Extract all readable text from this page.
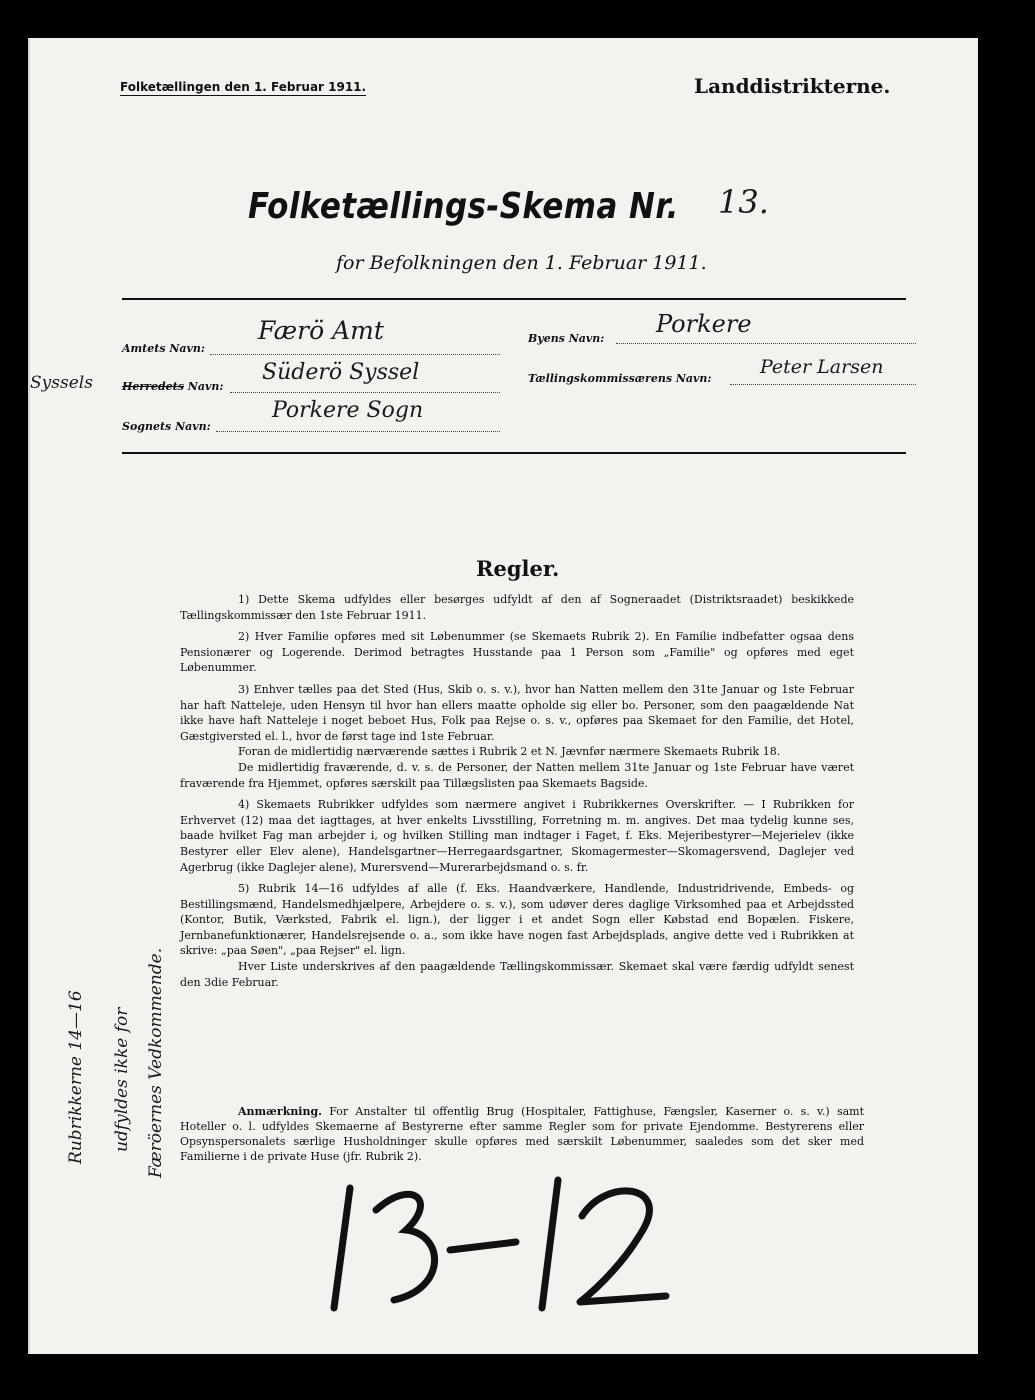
Folketællingen den 1. Februar 1911.	Landdistrikterne.
Folketællings-Skema Nr. 13.
for Befolkningen den 1. Februar 1911.
Amtets Navn:
Færö Amt
Syssels	Herredets Navn:
Süderö Syssel
Sognets Navn:
Porkere Sogn
Byens Navn:
Porkere
Tællingskommissærens Navn:
Peter Larsen
Regler.

1) Dette Skema udfyldes eller besørges udfyldt af den af Sogneraadet (Distriktsraadet) beskikkede Tællingskommissær den 1ste Februar 1911.

2) Hver Familie opføres med sit Løbenummer (se Skemaets Rubrik 2). En Familie indbefatter ogsaa dens Pensionærer og Logerende. Derimod betragtes Husstande paa 1 Person som „Familie" og opføres med eget Løbenummer.

3) Enhver tælles paa det Sted (Hus, Skib o. s. v.), hvor han Natten mellem den 31te Januar og 1ste Februar har haft Natteleje, uden Hensyn til hvor han ellers maatte opholde sig eller bo. Personer, som den paagældende Nat ikke have haft Natteleje i noget beboet Hus, Folk paa Rejse o. s. v., opføres paa Skemaet for den Familie, det Hotel, Gæstgiversted el. l., hvor de først tage ind 1ste Februar.

Foran de midlertidig nærværende sættes i Rubrik 2 et N. Jævnfør nærmere Skemaets Rubrik 18.

De midlertidig fraværende, d. v. s. de Personer, der Natten mellem 31te Januar og 1ste Februar have været fraværende fra Hjemmet, opføres særskilt paa Tillægslisten paa Skemaets Bagside.

4) Skemaets Rubrikker udfyldes som nærmere angivet i Rubrikkernes Overskrifter. — I Rubrikken for Erhvervet (12) maa det iagttages, at hver enkelts Livsstilling, Forretning m. m. angives. Det maa tydelig kunne ses, baade hvilket Fag man arbejder i, og hvilken Stilling man indtager i Faget, f. Eks. Mejeribestyrer—Mejerielev (ikke Bestyrer eller Elev alene), Handelsgartner—Herregaardsgartner, Skomagermester—Skomagersvend, Daglejer ved Agerbrug (ikke Daglejer alene), Murersvend—Murerarbejdsmand o. s. fr.

5) Rubrik 14—16 udfyldes af alle (f. Eks. Haandværkere, Handlende, Industridrivende, Embeds- og Bestillingsmænd, Handelsmedhjælpere, Arbejdere o. s. v.), som udøver deres daglige Virksomhed paa et Arbejdssted (Kontor, Butik, Værksted, Fabrik el. lign.), der ligger i et andet Sogn eller Købstad end Bopælen. Fiskere, Jernbanefunktionærer, Handelsrejsende o. a., som ikke have nogen fast Arbejdsplads, angive dette ved i Rubrikken at skrive: „paa Søen", „paa Rejser" el. lign.

Hver Liste underskrives af den paagældende Tællingskommissær. Skemaet skal være færdig udfyldt senest den 3die Februar.

Anmærkning. For Anstalter til offentlig Brug (Hospitaler, Fattighuse, Fængsler, Kaserner o. s. v.) samt Hoteller o. l. udfyldes Skemaerne af Bestyrerne efter samme Regler som for private Ejendomme. Bestyrerens eller Opsynspersonalets særlige Husholdninger skulle opføres med særskilt Løbenummer, saaledes som det sker med Familierne i de private Huse (jfr. Rubrik 2).

Rubrikkerne 14—16 udfyldes ikke for Færöernes Vedkommende.
